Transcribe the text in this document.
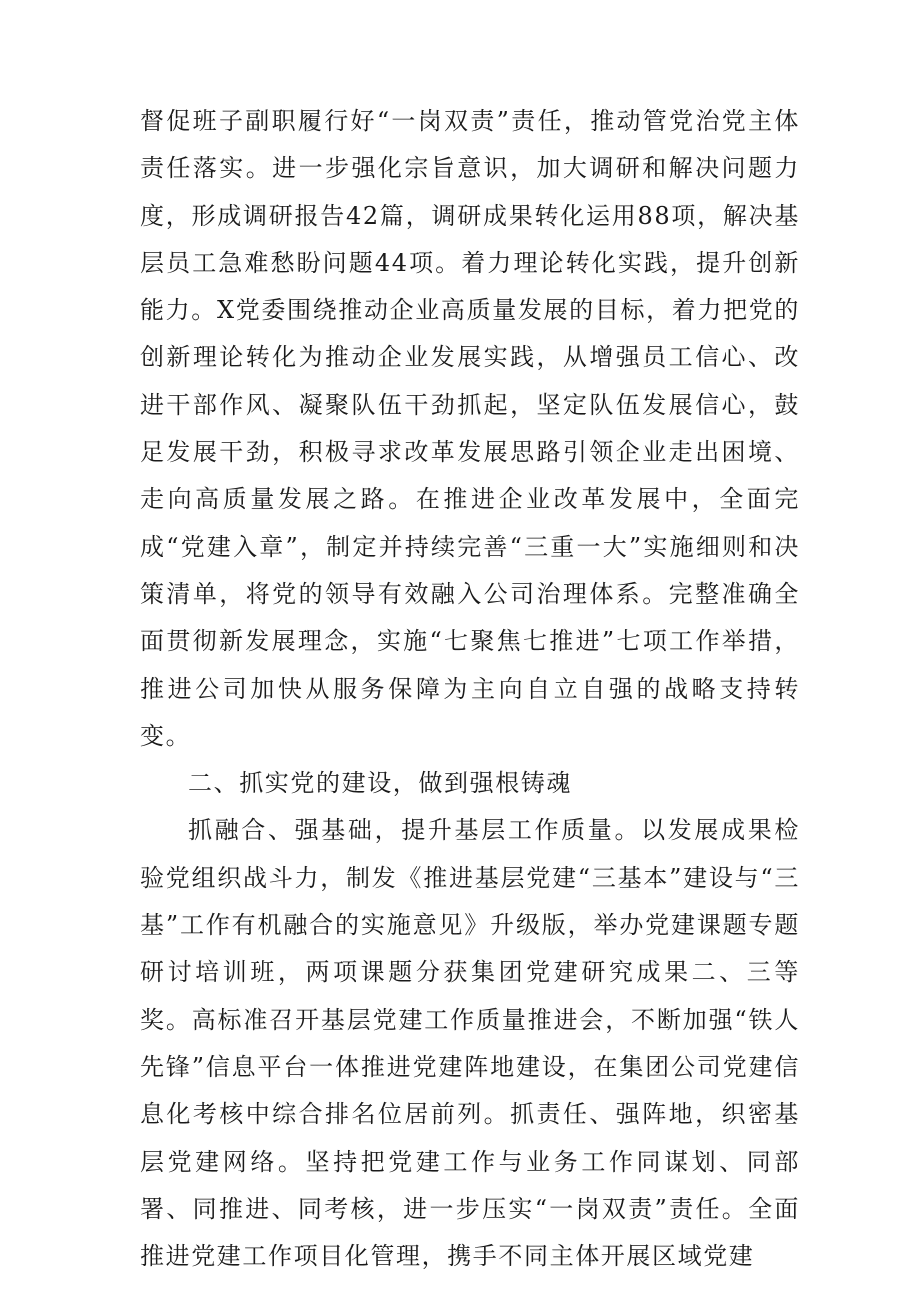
督促班子副职履行好“一岗双责”责任，推动管党治党主体责任落实。进一步强化宗旨意识，加大调研和解决问题力度，形成调研报告42篇，调研成果转化运用88项，解决基层员工急难愁盼问题44项。着力理论转化实践，提升创新能力。X党委围绕推动企业高质量发展的目标，着力把党的创新理论转化为推动企业发展实践，从增强员工信心、改进干部作风、凝聚队伍干劲抓起，坚定队伍发展信心，鼓足发展干劲，积极寻求改革发展思路引领企业走出困境、走向高质量发展之路。在推进企业改革发展中，全面完成“党建入章”，制定并持续完善“三重一大”实施细则和决策清单，将党的领导有效融入公司治理体系。完整准确全面贯彻新发展理念，实施“七聚焦七推进”七项工作举措，推进公司加快从服务保障为主向自立自强的战略支持转变。

二、抓实党的建设，做到强根铸魂

抓融合、强基础，提升基层工作质量。以发展成果检验党组织战斗力，制发《推进基层党建“三基本”建设与“三基”工作有机融合的实施意见》升级版，举办党建课题专题研讨培训班，两项课题分获集团党建研究成果二、三等奖。高标准召开基层党建工作质量推进会，不断加强“铁人先锋”信息平台一体推进党建阵地建设，在集团公司党建信息化考核中综合排名位居前列。抓责任、强阵地，织密基层党建网络。坚持把党建工作与业务工作同谋划、同部署、同推进、同考核，进一步压实“一岗双责”责任。全面推进党建工作项目化管理，携手不同主体开展区域党建
